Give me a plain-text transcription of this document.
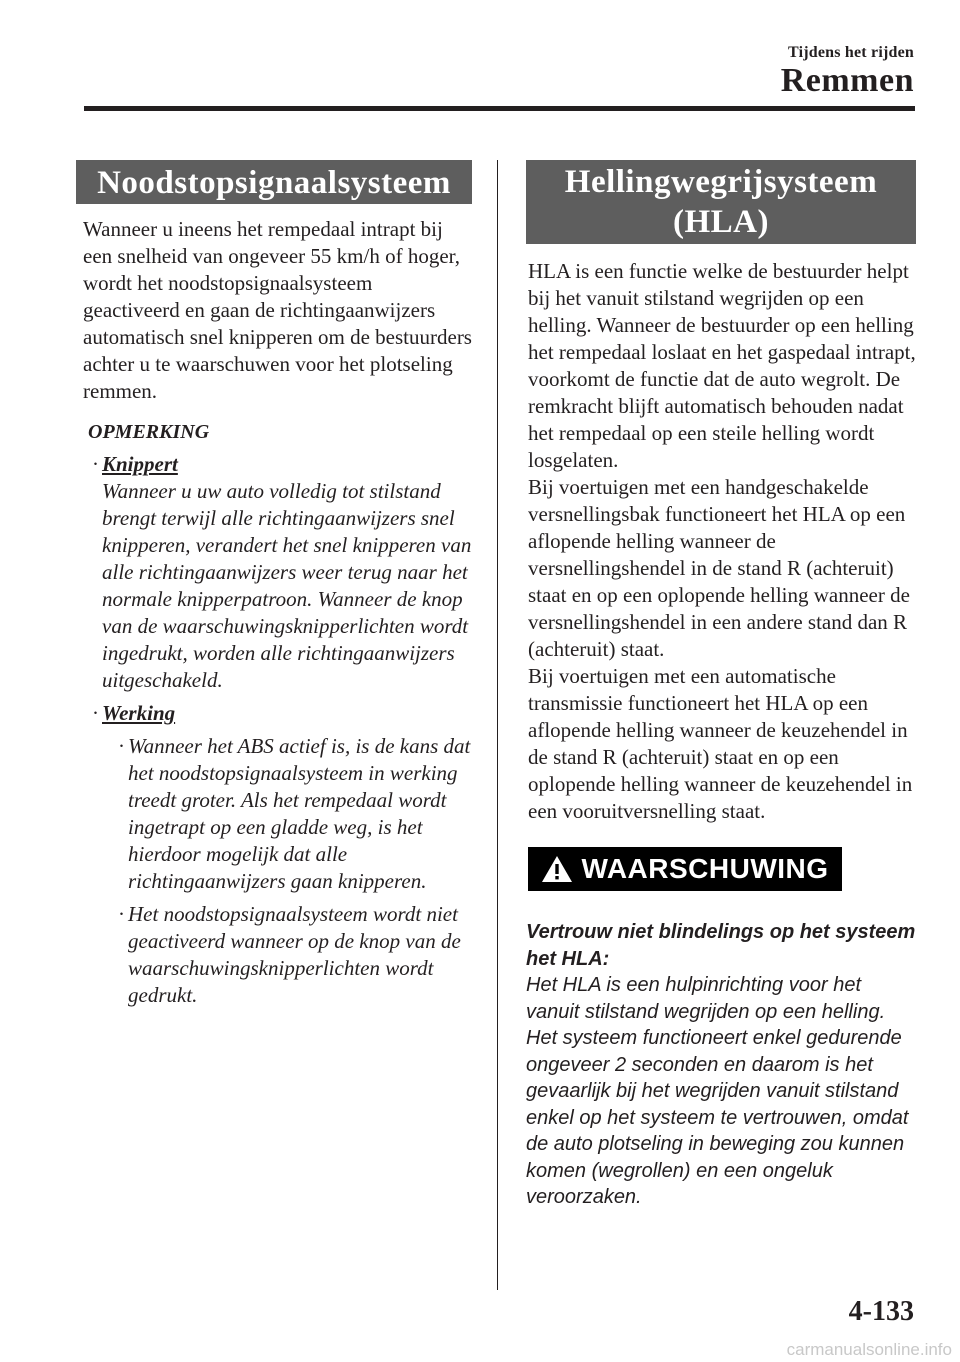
Tijdens het rijden
Remmen
Noodstopsignaalsysteem

Wanneer u ineens het rempedaal intrapt bij een snelheid van ongeveer 55 km/h of hoger, wordt het noodstopsignaalsysteem geactiveerd en gaan de richtingaanwijzers automatisch snel knipperen om de bestuurders achter u te waarschuwen voor het plotseling remmen.

OPMERKING
· Knippert
Wanneer u uw auto volledig tot stilstand brengt terwijl alle richtingaanwijzers snel knipperen, verandert het snel knipperen van alle richtingaanwijzers weer terug naar het normale knipperpatroon. Wanneer de knop van de waarschuwingsknipperlichten wordt ingedrukt, worden alle richtingaanwijzers uitgeschakeld.
· Werking
· Wanneer het ABS actief is, is de kans dat het noodstopsignaalsysteem in werking treedt groter. Als het rempedaal wordt ingetrapt op een gladde weg, is het hierdoor mogelijk dat alle richtingaanwijzers gaan knipperen.
· Het noodstopsignaalsysteem wordt niet geactiveerd wanneer op de knop van de waarschuwingsknipperlichten wordt gedrukt.
Hellingwegrijsysteem
(HLA)

HLA is een functie welke de bestuurder helpt bij het vanuit stilstand wegrijden op een helling. Wanneer de bestuurder op een helling het rempedaal loslaat en het gaspedaal intrapt, voorkomt de functie dat de auto wegrolt. De remkracht blijft automatisch behouden nadat het rempedaal op een steile helling wordt losgelaten.

Bij voertuigen met een handgeschakelde versnellingsbak functioneert het HLA op een aflopende helling wanneer de versnellingshendel in de stand R (achteruit) staat en op een oplopende helling wanneer de versnellingshendel in een andere stand dan R (achteruit) staat.

Bij voertuigen met een automatische transmissie functioneert het HLA op een aflopende helling wanneer de keuzehendel in de stand R (achteruit) staat en op een oplopende helling wanneer de keuzehendel in een vooruitversnelling staat.

WAARSCHUWING

Vertrouw niet blindelings op het systeem het HLA:
Het HLA is een hulpinrichting voor het vanuit stilstand wegrijden op een helling. Het systeem functioneert enkel gedurende ongeveer 2 seconden en daarom is het gevaarlijk bij het wegrijden vanuit stilstand enkel op het systeem te vertrouwen, omdat de auto plotseling in beweging zou kunnen komen (wegrollen) en een ongeluk veroorzaken.

4-133
carmanualsonline.info
